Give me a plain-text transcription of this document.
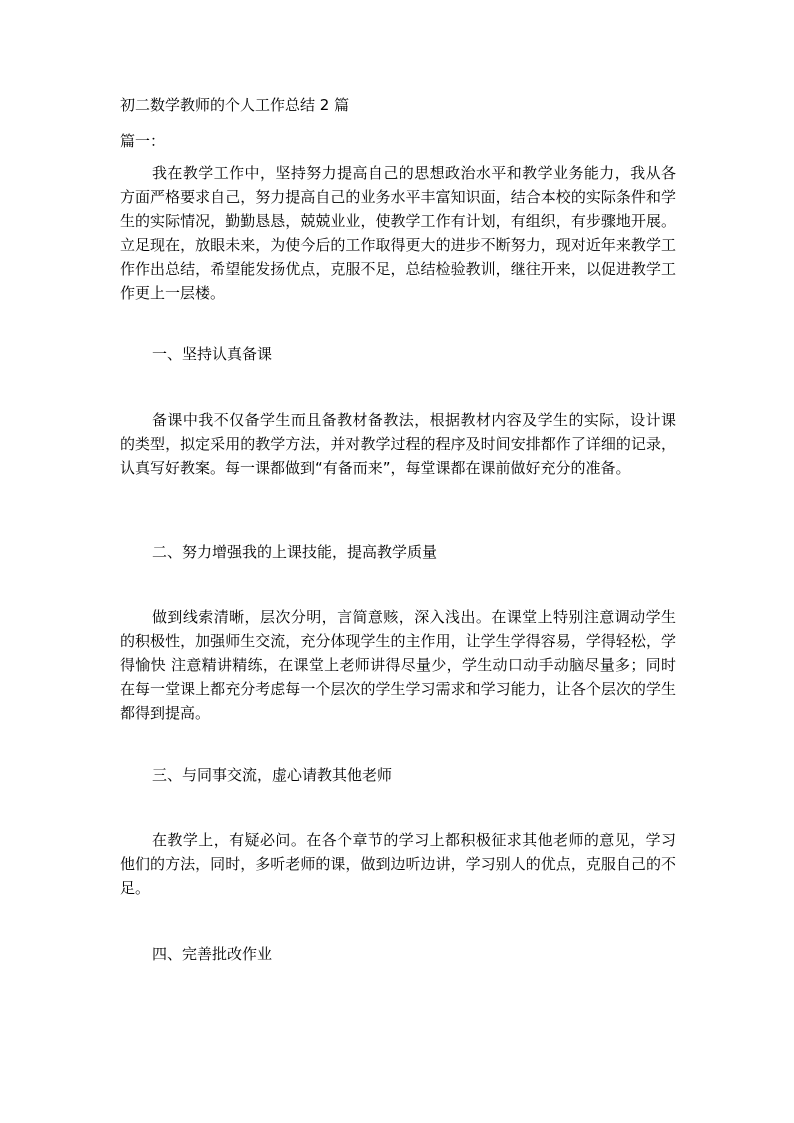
初二数学教师的个人工作总结 2 篇

篇一：

我在教学工作中，坚持努力提高自己的思想政治水平和教学业务能力，我从各方面严格要求自己，努力提高自己的业务水平丰富知识面，结合本校的实际条件和学生的实际情况，勤勤恳恳，兢兢业业，使教学工作有计划，有组织，有步骤地开展。立足现在，放眼未来，为使今后的工作取得更大的进步不断努力，现对近年来教学工作作出总结，希望能发扬优点，克服不足，总结检验教训，继往开来，以促进教学工作更上一层楼。

一、坚持认真备课

备课中我不仅备学生而且备教材备教法，根据教材内容及学生的实际，设计课的类型，拟定采用的教学方法，并对教学过程的程序及时间安排都作了详细的记录，认真写好教案。每一课都做到“有备而来”，每堂课都在课前做好充分的准备。

二、努力增强我的上课技能，提高教学质量

做到线索清晰，层次分明，言简意赅，深入浅出。在课堂上特别注意调动学生的积极性，加强师生交流，充分体现学生的主作用，让学生学得容易，学得轻松，学得愉快 注意精讲精练，在课堂上老师讲得尽量少，学生动口动手动脑尽量多；同时在每一堂课上都充分考虑每一个层次的学生学习需求和学习能力，让各个层次的学生都得到提高。

三、与同事交流，虚心请教其他老师

在教学上，有疑必问。在各个章节的学习上都积极征求其他老师的意见，学习他们的方法，同时，多听老师的课，做到边听边讲，学习别人的优点，克服自己的不足。

四、完善批改作业
